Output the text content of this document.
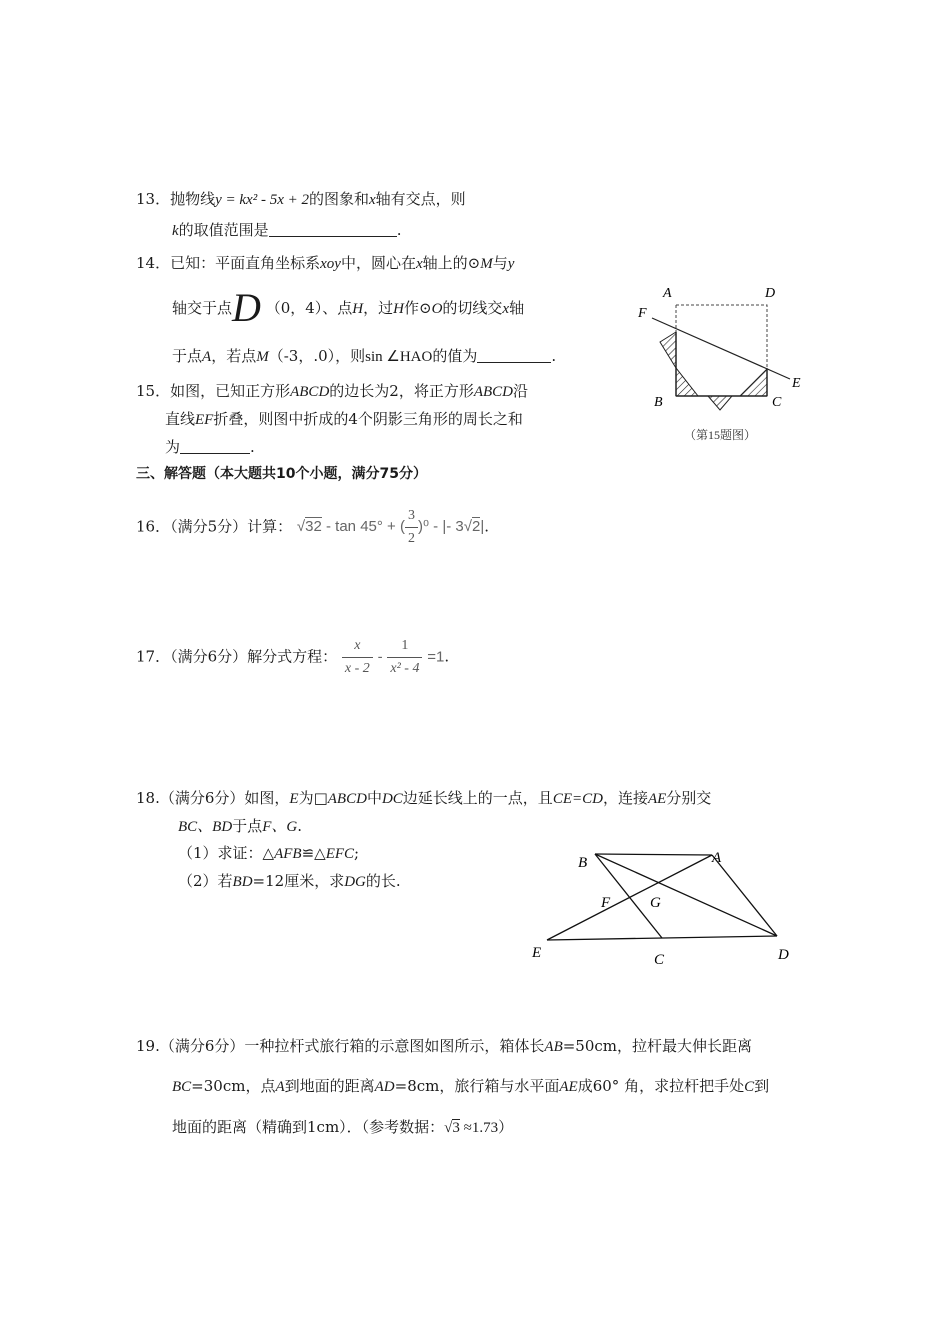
13．抛物线y = kx² - 5x + 2的图象和x轴有交点，则
k的取值范围是	.
14．已知：平面直角坐标系xoy中，圆心在x轴上的⊙M与y
轴交于点D （0，4）、点H，过H作⊙O的切线交x轴
于点A，若点M（-3，.0），则sin ∠HAO的值为	.
15．如图，已知正方形ABCD的边长为2，将正方形ABCD沿
直线EF折叠，则图中折成的4个阴影三角形的周长之和
为	.
A	D
F
E
B	C
（第15题图）
三、解答题（本大题共10个小题，满分75分）
16．（满分5分）计算： √32 - tan 45° + ( $\frac{3}{2} )^0$ - |- 3√2|.
17．（满分6分）解分式方程： $\frac{x}{x - 2} - \frac{1}{\text{x² - 4}} =1$.
18.（满分6分）如图，E为□ABCD中DC边延长线上的一点，且CE=CD，连接AE分别交
BC、BD于点F、G.
（1）求证：△AFB≌△EFC;
（2）若BD=12厘米，求DG的长.
B	A
F	G
E	C	D
19.（满分6分）一种拉杆式旅行箱的示意图如图所示，箱体长AB=50cm，拉杆最大伸长距离
BC=30cm，点A到地面的距离AD=8cm，旅行箱与水平面AE成60° 角，求拉杆把手处C到
地面的距离（精确到1cm）．（参考数据：√3 ≈1.73）
